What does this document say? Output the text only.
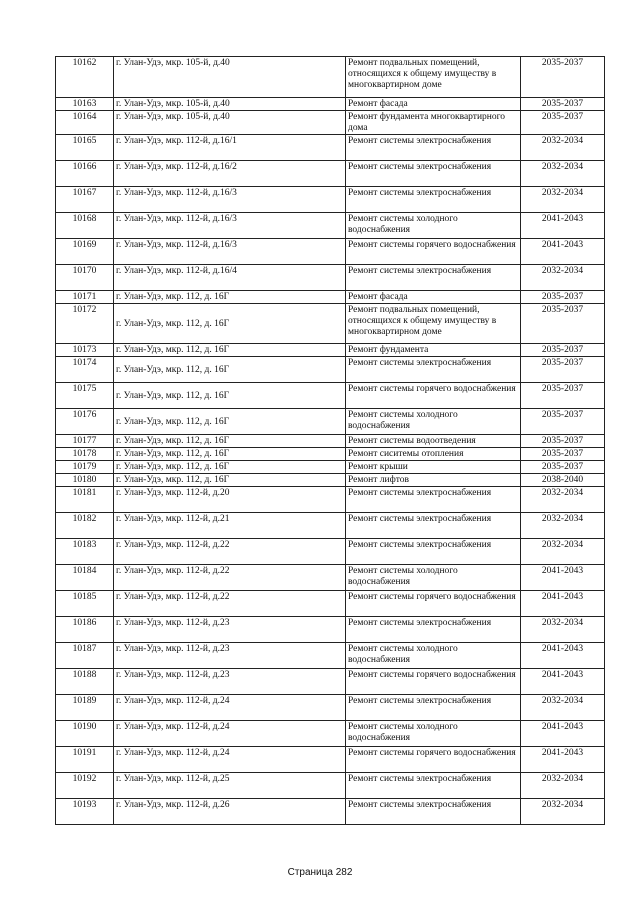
10162	г. Улан-Удэ, мкр. 105-й, д.40	Ремонт подвальных помещений, относящихся к общему имуществу в многоквартирном доме	2035-2037
10163	г. Улан-Удэ, мкр. 105-й, д.40	Ремонт фасада	2035-2037
10164	г. Улан-Удэ, мкр. 105-й, д.40	Ремонт фундамента многоквартирного дома	2035-2037
10165	г. Улан-Удэ, мкр. 112-й, д.16/1	Ремонт системы электроснабжения	2032-2034
10166	г. Улан-Удэ, мкр. 112-й, д.16/2	Ремонт системы электроснабжения	2032-2034
10167	г. Улан-Удэ, мкр. 112-й, д.16/3	Ремонт системы электроснабжения	2032-2034
10168	г. Улан-Удэ, мкр. 112-й, д.16/3	Ремонт системы холодного водоснабжения	2041-2043
10169	г. Улан-Удэ, мкр. 112-й, д.16/3	Ремонт системы горячего водоснабжения	2041-2043
10170	г. Улан-Удэ, мкр. 112-й, д.16/4	Ремонт системы электроснабжения	2032-2034
10171	г. Улан-Удэ, мкр. 112, д. 16Г	Ремонт фасада	2035-2037
10172	г. Улан-Удэ, мкр. 112, д. 16Г	Ремонт подвальных помещений, относящихся к общему имуществу в многоквартирном доме	2035-2037
10173	г. Улан-Удэ, мкр. 112, д. 16Г	Ремонт фундамента	2035-2037
10174	г. Улан-Удэ, мкр. 112, д. 16Г	Ремонт системы электроснабжения	2035-2037
10175	г. Улан-Удэ, мкр. 112, д. 16Г	Ремонт системы горячего водоснабжения	2035-2037
10176	г. Улан-Удэ, мкр. 112, д. 16Г	Ремонт системы холодного водоснабжения	2035-2037
10177	г. Улан-Удэ, мкр. 112, д. 16Г	Ремонт системы водоотведения	2035-2037
10178	г. Улан-Удэ, мкр. 112, д. 16Г	Ремонт сиситемы отопления	2035-2037
10179	г. Улан-Удэ, мкр. 112, д. 16Г	Ремонт крыши	2035-2037
10180	г. Улан-Удэ, мкр. 112, д. 16Г	Ремонт лифтов	2038-2040
10181	г. Улан-Удэ, мкр. 112-й, д.20	Ремонт системы электроснабжения	2032-2034
10182	г. Улан-Удэ, мкр. 112-й, д.21	Ремонт системы электроснабжения	2032-2034
10183	г. Улан-Удэ, мкр. 112-й, д.22	Ремонт системы электроснабжения	2032-2034
10184	г. Улан-Удэ, мкр. 112-й, д.22	Ремонт системы холодного водоснабжения	2041-2043
10185	г. Улан-Удэ, мкр. 112-й, д.22	Ремонт системы горячего водоснабжения	2041-2043
10186	г. Улан-Удэ, мкр. 112-й, д.23	Ремонт системы электроснабжения	2032-2034
10187	г. Улан-Удэ, мкр. 112-й, д.23	Ремонт системы холодного водоснабжения	2041-2043
10188	г. Улан-Удэ, мкр. 112-й, д.23	Ремонт системы горячего водоснабжения	2041-2043
10189	г. Улан-Удэ, мкр. 112-й, д.24	Ремонт системы электроснабжения	2032-2034
10190	г. Улан-Удэ, мкр. 112-й, д.24	Ремонт системы холодного водоснабжения	2041-2043
10191	г. Улан-Удэ, мкр. 112-й, д.24	Ремонт системы горячего водоснабжения	2041-2043
10192	г. Улан-Удэ, мкр. 112-й, д.25	Ремонт системы электроснабжения	2032-2034
10193	г. Улан-Удэ, мкр. 112-й, д.26	Ремонт системы электроснабжения	2032-2034
Страница 282
